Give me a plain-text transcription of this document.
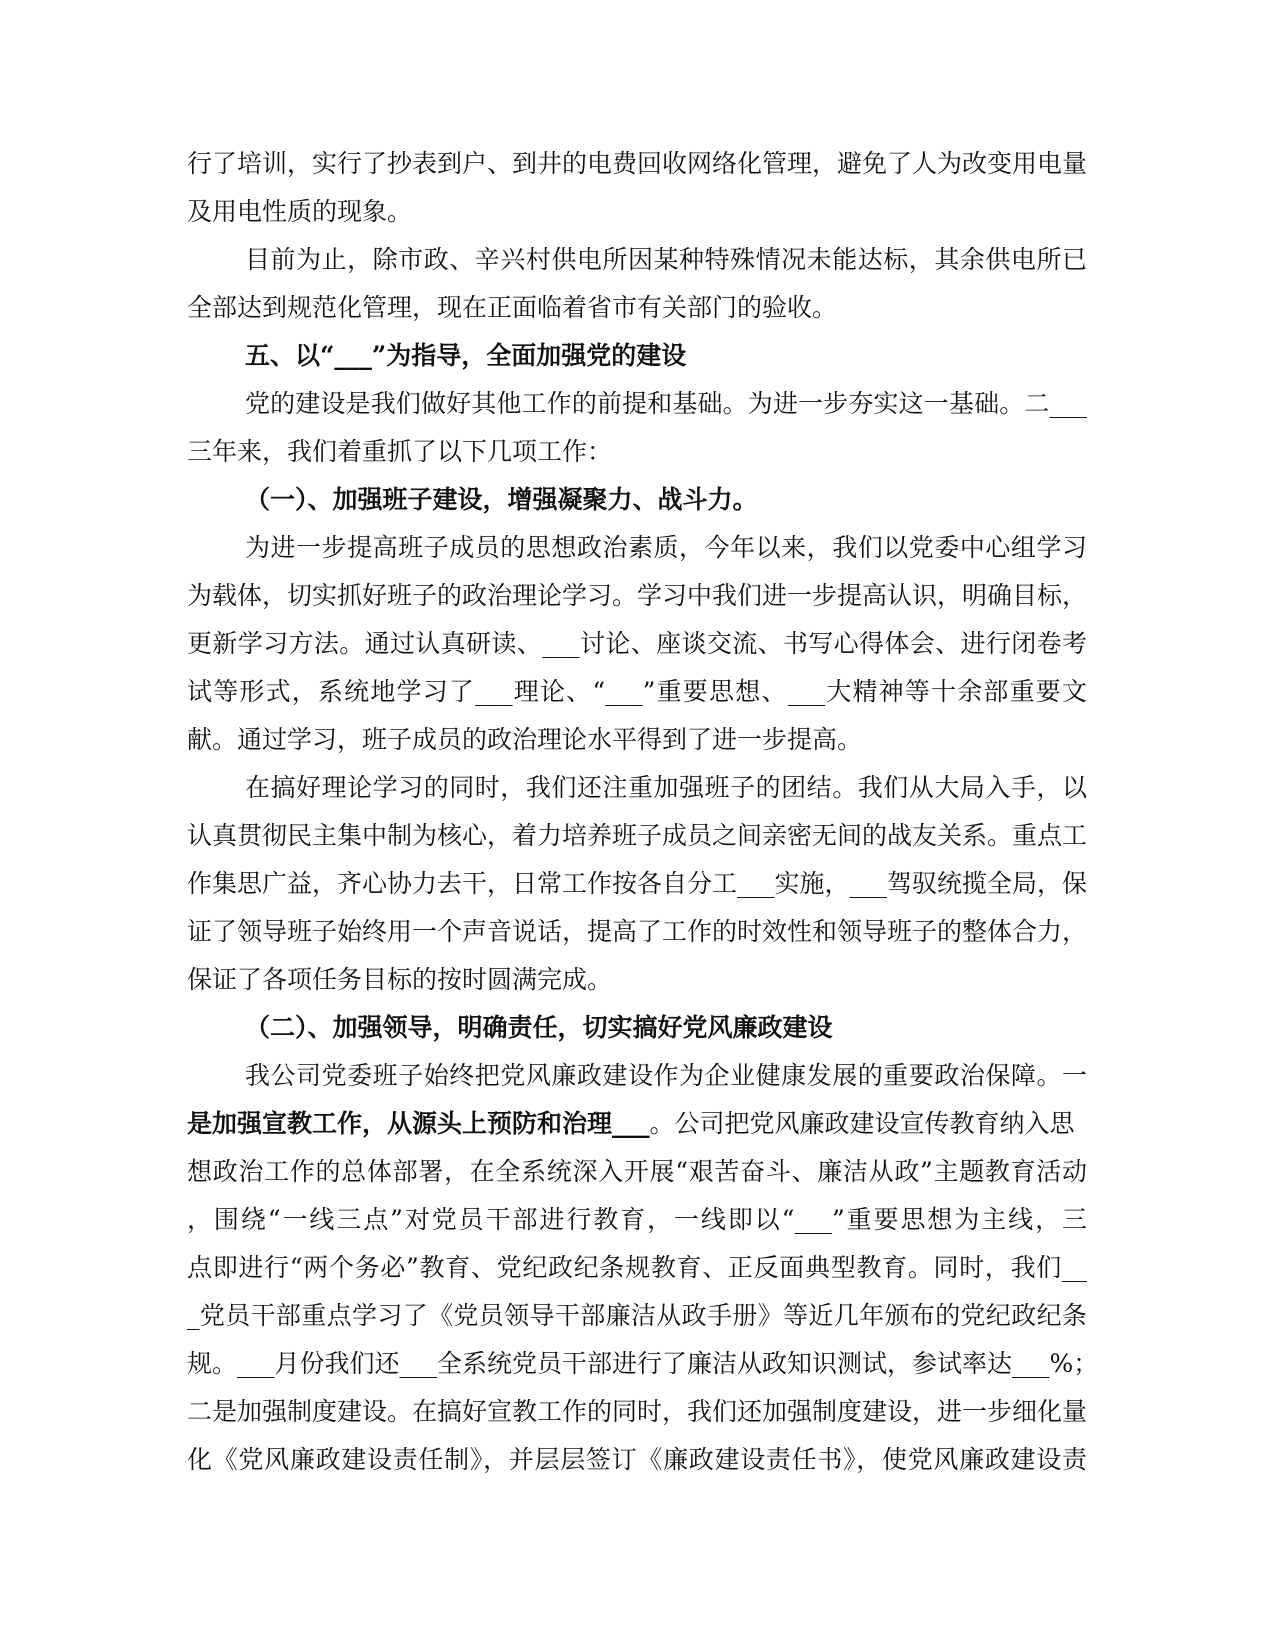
行了培训，实行了抄表到户、到井的电费回收网络化管理，避免了人为改变用电量
及用电性质的现象。
目前为止，除市政、辛兴村供电所因某种特殊情况未能达标，其余供电所已
全部达到规范化管理，现在正面临着省市有关部门的验收。
五、以“___”为指导，全面加强党的建设
党的建设是我们做好其他工作的前提和基础。为进一步夯实这一基础。二___
三年来，我们着重抓了以下几项工作：
（一）、加强班子建设，增强凝聚力、战斗力。
为进一步提高班子成员的思想政治素质，今年以来，我们以党委中心组学习
为载体，切实抓好班子的政治理论学习。学习中我们进一步提高认识，明确目标，
更新学习方法。通过认真研读、___讨论、座谈交流、书写心得体会、进行闭卷考
试等形式，系统地学习了___理论、“___”重要思想、___大精神等十余部重要文
献。通过学习，班子成员的政治理论水平得到了进一步提高。
在搞好理论学习的同时，我们还注重加强班子的团结。我们从大局入手，以
认真贯彻民主集中制为核心，着力培养班子成员之间亲密无间的战友关系。重点工
作集思广益，齐心协力去干，日常工作按各自分工___实施，___驾驭统揽全局，保
证了领导班子始终用一个声音说话，提高了工作的时效性和领导班子的整体合力，
保证了各项任务目标的按时圆满完成。
（二）、加强领导，明确责任，切实搞好党风廉政建设
我公司党委班子始终把党风廉政建设作为企业健康发展的重要政治保障。一
是加强宣教工作，从源头上预防和治理___。公司把党风廉政建设宣传教育纳入思
想政治工作的总体部署，在全系统深入开展“艰苦奋斗、廉洁从政”主题教育活动
，围绕“一线三点”对党员干部进行教育，一线即以“___”重要思想为主线，三
点即进行“两个务必”教育、党纪政纪条规教育、正反面典型教育。同时，我们__
_党员干部重点学习了《党员领导干部廉洁从政手册》等近几年颁布的党纪政纪条
规。___月份我们还___全系统党员干部进行了廉洁从政知识测试，参试率达___%；
二是加强制度建设。在搞好宣教工作的同时，我们还加强制度建设，进一步细化量
化《党风廉政建设责任制》，并层层签订《廉政建设责任书》，使党风廉政建设责
